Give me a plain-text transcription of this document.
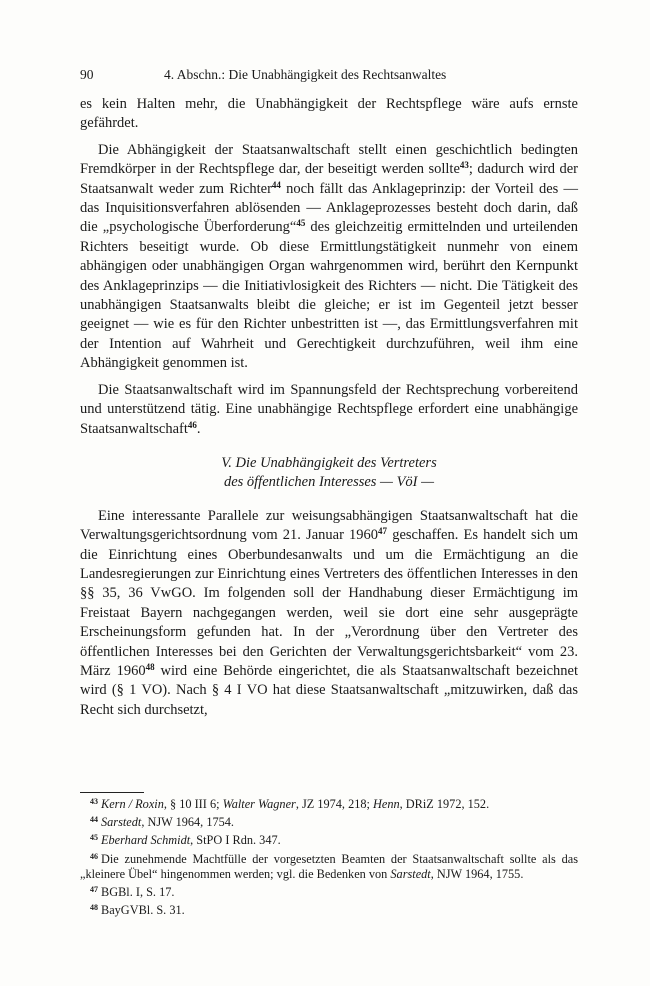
90	4. Abschn.: Die Unabhängigkeit des Rechtsanwaltes

es kein Halten mehr, die Unabhängigkeit der Rechtspflege wäre aufs ernste gefährdet.

Die Abhängigkeit der Staatsanwaltschaft stellt einen geschichtlich bedingten Fremdkörper in der Rechtspflege dar, der beseitigt werden sollte$^{43}$; dadurch wird der Staatsanwalt weder zum Richter$^{44}$ noch fällt das Anklageprinzip: der Vorteil des — das Inquisitionsverfahren ablösenden — Anklageprozesses besteht doch darin, daß die „psychologische Überforderung“$^{45}$ des gleichzeitig ermittelnden und urteilenden Richters beseitigt wurde. Ob diese Ermittlungstätigkeit nunmehr von einem abhängigen oder unabhängigen Organ wahrgenommen wird, berührt den Kernpunkt des Anklageprinzips — die Initiativlosigkeit des Richters — nicht. Die Tätigkeit des unabhängigen Staatsanwalts bleibt die gleiche; er ist im Gegenteil jetzt besser geeignet — wie es für den Richter unbestritten ist —, das Ermittlungsverfahren mit der Intention auf Wahrheit und Gerechtigkeit durchzuführen, weil ihm eine Abhängigkeit genommen ist.

Die Staatsanwaltschaft wird im Spannungsfeld der Rechtsprechung vorbereitend und unterstützend tätig. Eine unabhängige Rechtspflege erfordert eine unabhängige Staatsanwaltschaft$^{46}$.

V. Die Unabhängigkeit des Vertreters
des öffentlichen Interesses — VöI —

Eine interessante Parallele zur weisungsabhängigen Staatsanwaltschaft hat die Verwaltungsgerichtsordnung vom 21. Januar 1960$^{47}$ geschaffen. Es handelt sich um die Einrichtung eines Oberbundesanwalts und um die Ermächtigung an die Landesregierungen zur Einrichtung eines Vertreters des öffentlichen Interesses in den §§ 35, 36 VwGO. Im folgenden soll der Handhabung dieser Ermächtigung im Freistaat Bayern nachgegangen werden, weil sie dort eine sehr ausgeprägte Erscheinungsform gefunden hat. In der „Verordnung über den Vertreter des öffentlichen Interesses bei den Gerichten der Verwaltungsgerichtsbarkeit“ vom 23. März 1960$^{48}$ wird eine Behörde eingerichtet, die als Staatsanwaltschaft bezeichnet wird (§ 1 VO). Nach § 4 I VO hat diese Staatsanwaltschaft „mitzuwirken, daß das Recht sich durchsetzt,

$^{43}$ Kern / Roxin, § 10 III 6; Walter Wagner, JZ 1974, 218; Henn, DRiZ 1972, 152.

$^{44}$ Sarstedt, NJW 1964, 1754.

$^{45}$ Eberhard Schmidt, StPO I Rdn. 347.

$^{46}$ Die zunehmende Machtfülle der vorgesetzten Beamten der Staatsanwaltschaft sollte als das „kleinere Übel“ hingenommen werden; vgl. die Bedenken von Sarstedt, NJW 1964, 1755.

$^{47}$ BGBl. I, S. 17.

$^{48}$ BayGVBl. S. 31.
